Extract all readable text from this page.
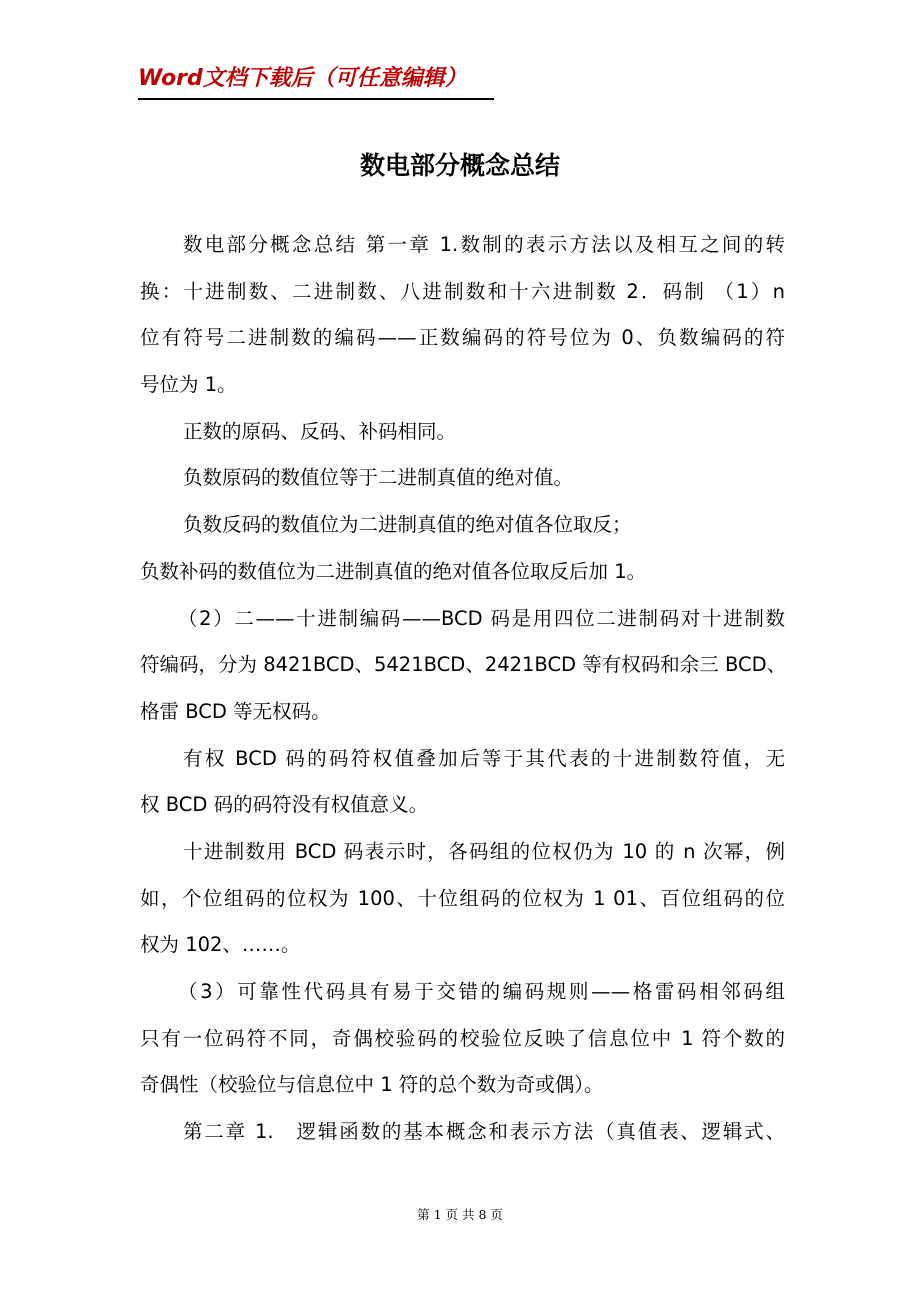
Word文档下载后（可任意编辑）
数电部分概念总结
数电部分概念总结 第一章 1.数制的表示方法以及相互之间的转
换：十进制数、二进制数、八进制数和十六进制数 2．码制 （1）n
位有符号二进制数的编码——正数编码的符号位为 0、负数编码的符
号位为 1。
正数的原码、反码、补码相同。
负数原码的数值位等于二进制真值的绝对值。
负数反码的数值位为二进制真值的绝对值各位取反；
负数补码的数值位为二进制真值的绝对值各位取反后加 1。
（2）二——十进制编码——BCD 码是用四位二进制码对十进制数
符编码，分为 8421BCD、5421BCD、2421BCD 等有权码和余三 BCD、
格雷 BCD 等无权码。
有权 BCD 码的码符权值叠加后等于其代表的十进制数符值，无
权 BCD 码的码符没有权值意义。
十进制数用 BCD 码表示时，各码组的位权仍为 10 的 n 次幂，例
如，个位组码的位权为 100、十位组码的位权为 1 01、百位组码的位
权为 102、……。
（3）可靠性代码具有易于交错的编码规则——格雷码相邻码组
只有一位码符不同，奇偶校验码的校验位反映了信息位中 1 符个数的
奇偶性（校验位与信息位中 1 符的总个数为奇或偶）。
第二章 1.　逻辑函数的基本概念和表示方法（真值表、逻辑式、
第 1 页 共 8 页
